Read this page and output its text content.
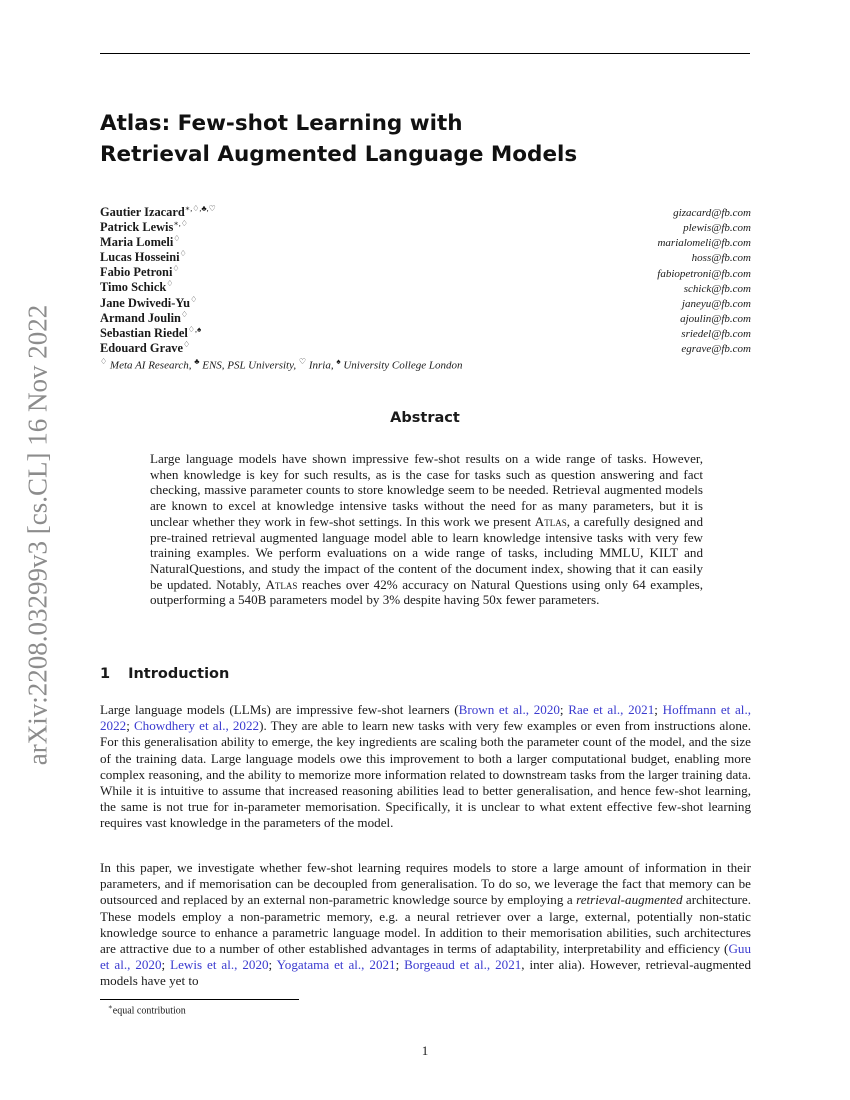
arXiv:2208.03299v3 [cs.CL] 16 Nov 2022
Atlas: Few-shot Learning with
Retrieval Augmented Language Models
Gautier Izacard∗,♢,♣,♡	gizacard@fb.com
Patrick Lewis∗,♢	plewis@fb.com
Maria Lomeli♢	marialomeli@fb.com
Lucas Hosseini♢	hoss@fb.com
Fabio Petroni♢	fabiopetroni@fb.com
Timo Schick♢	schick@fb.com
Jane Dwivedi-Yu♢	janeyu@fb.com
Armand Joulin♢	ajoulin@fb.com
Sebastian Riedel♢,♠	sriedel@fb.com
Edouard Grave♢	egrave@fb.com
♢ Meta AI Research, ♣ ENS, PSL University, ♡ Inria, ♠ University College London
Abstract

Large language models have shown impressive few-shot results on a wide range of tasks. However, when knowledge is key for such results, as is the case for tasks such as question answering and fact checking, massive parameter counts to store knowledge seem to be needed. Retrieval augmented models are known to excel at knowledge intensive tasks without the need for as many parameters, but it is unclear whether they work in few-shot settings. In this work we present Atlas, a carefully designed and pre-trained retrieval augmented language model able to learn knowledge intensive tasks with very few training examples. We perform evaluations on a wide range of tasks, including MMLU, KILT and NaturalQuestions, and study the impact of the content of the document index, showing that it can easily be updated. Notably, Atlas reaches over 42% accuracy on Natural Questions using only 64 examples, outperforming a 540B parameters model by 3% despite having 50x fewer parameters.

1 Introduction

Large language models (LLMs) are impressive few-shot learners (Brown et al., 2020; Rae et al., 2021; Hoffmann et al., 2022; Chowdhery et al., 2022). They are able to learn new tasks with very few examples or even from instructions alone. For this generalisation ability to emerge, the key ingredients are scaling both the parameter count of the model, and the size of the training data. Large language models owe this improvement to both a larger computational budget, enabling more complex reasoning, and the ability to memorize more information related to downstream tasks from the larger training data. While it is intuitive to assume that increased reasoning abilities lead to better generalisation, and hence few-shot learning, the same is not true for in-parameter memorisation. Specifically, it is unclear to what extent effective few-shot learning requires vast knowledge in the parameters of the model.

In this paper, we investigate whether few-shot learning requires models to store a large amount of information in their parameters, and if memorisation can be decoupled from generalisation. To do so, we leverage the fact that memory can be outsourced and replaced by an external non-parametric knowledge source by employing a retrieval-augmented architecture. These models employ a non-parametric memory, e.g. a neural retriever over a large, external, potentially non-static knowledge source to enhance a parametric language model. In addition to their memorisation abilities, such architectures are attractive due to a number of other established advantages in terms of adaptability, interpretability and efficiency (Guu et al., 2020; Lewis et al., 2020; Yogatama et al., 2021; Borgeaud et al., 2021, inter alia). However, retrieval-augmented models have yet to

∗equal contribution
1
